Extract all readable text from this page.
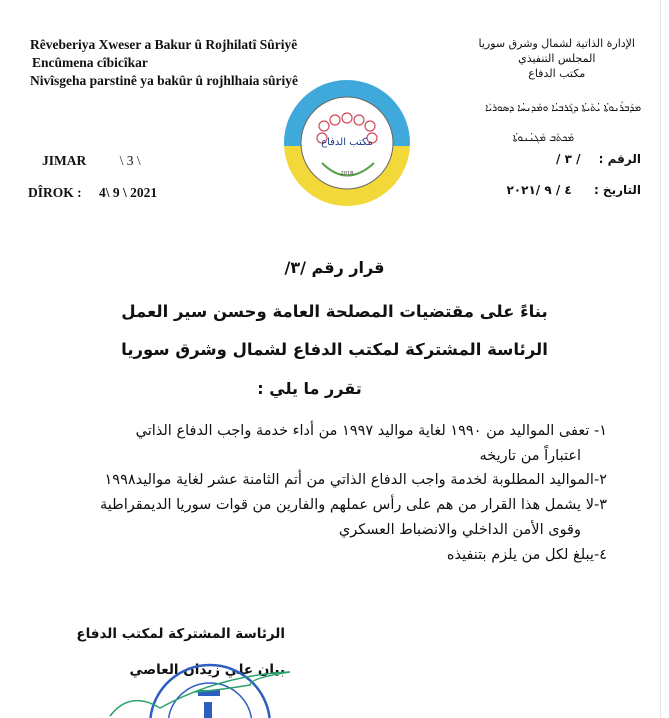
Rêveberiya Xweser a Bakur û Rojhilatî Sûriyê
Encûmena cîbicîkar
Nivîsgeha parstinê ya bakûr û rojhlhaia sûriyê
JIMAR \ 3 \
DÎROK : 4\ 9 \ 2021
الإدارة الذاتية لشمال وشرق سوريا
المجلس التنفيذي
مكتب الدفاع
ܡܕܰܒܪܳܢܘܬܳܐ ܝܳܬܰܝܬܳܐ ܕܓܰܪܒܝܳܐ ܘܡܰܕܢܚܳܐ ܕܣܘܪܝܰܐ
ܡܰܟܬܰܒ ܡܰܓܢܳܢܘܬܳܐ
الرقم : / ٣ /
التاريخ : ٤ / ٩ /٢٠٢١
مكتب الدفاع
2018
قرار رقم /٣/
بناءً على مقتضيات المصلحة العامة وحسن سير العمل
الرئاسة المشتركة لمكتب الدفاع لشمال وشرق سوريا
تقرر ما يلي :
١- تعفى المواليد من ١٩٩٠ لغاية مواليد ١٩٩٧ من أداء خدمة واجب الدفاع الذاتي
اعتباراً من تاريخه
٢-المواليد المطلوبة لخدمة واجب الدفاع الذاتي من أتم الثامنة عشر لغاية مواليد١٩٩٨
٣-لا يشمل هذا القرار من هم على رأس عملهم والفارين من قوات سوريا الديمقراطية
وقوى الأمن الداخلي والانضباط العسكري
٤-يبلغ لكل من يلزم بتنفيذه
الرئاسة المشتركة لمكتب الدفاع
بيان علي زيدان العاصي
